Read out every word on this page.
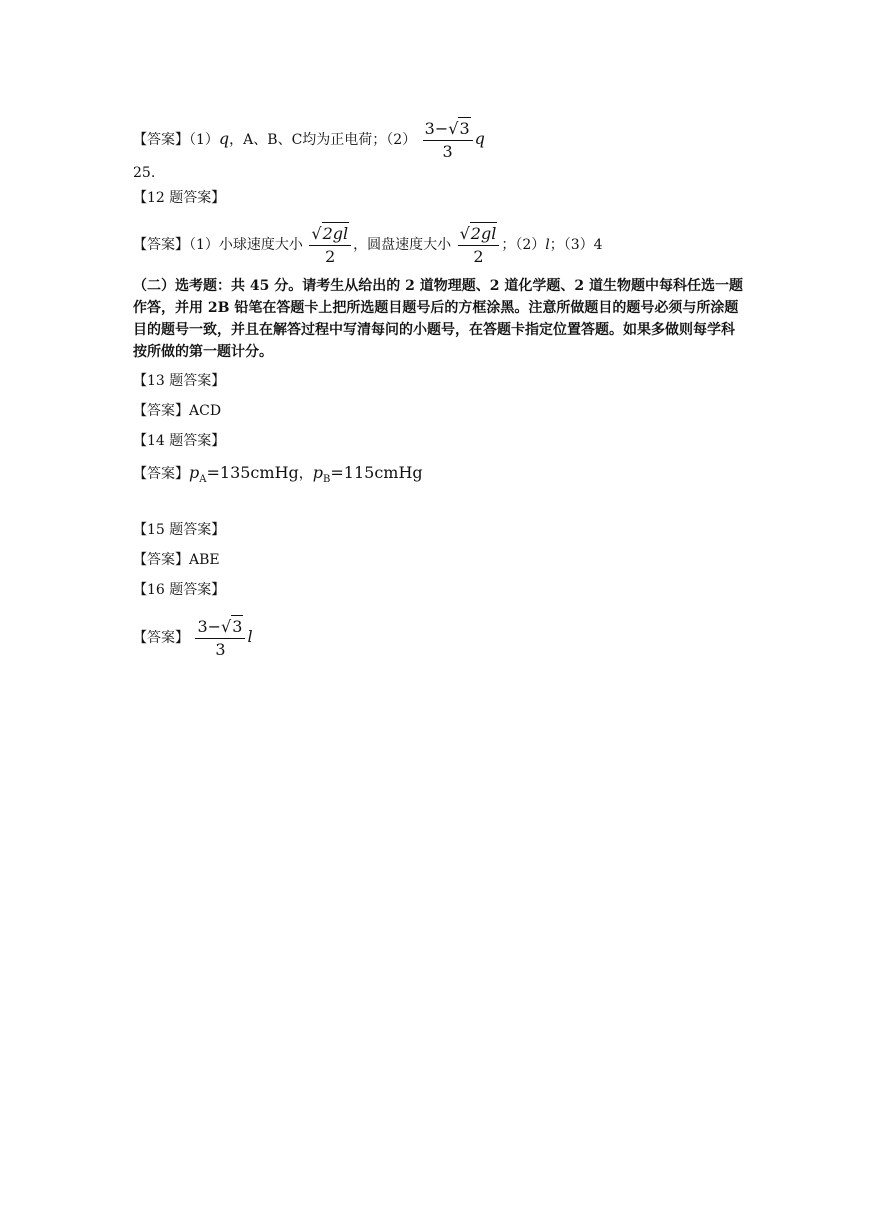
【答案】（1）q，A、B、C均为正电荷；$(2) \frac{3-√3}{3}$ q
25.
【12 题答案】
【答案】（1）小球速度大小 $\frac{√2gl}{2}$ ，圆盘速度大小 $\frac{√2gl}{2}$ ；（2）l；（3）4
（二）选考题：共 45 分。请考生从给出的 2 道物理题、2 道化学题、2 道生物题中每科任选一题作答，并用 2B 铅笔在答题卡上把所选题目题号后的方框涂黑。注意所做题目的题号必须与所涂题目的题号一致，并且在解答过程中写清每问的小题号，在答题卡指定位置答题。如果多做则每学科按所做的第一题计分。
【13 题答案】
【答案】ACD
【14 题答案】
【答案】$p_A=135cmHg$，$p_B=115cmHg$
【15 题答案】
【答案】ABE
【16 题答案】
【答案】 $\frac{3-√3}{3}$ l
